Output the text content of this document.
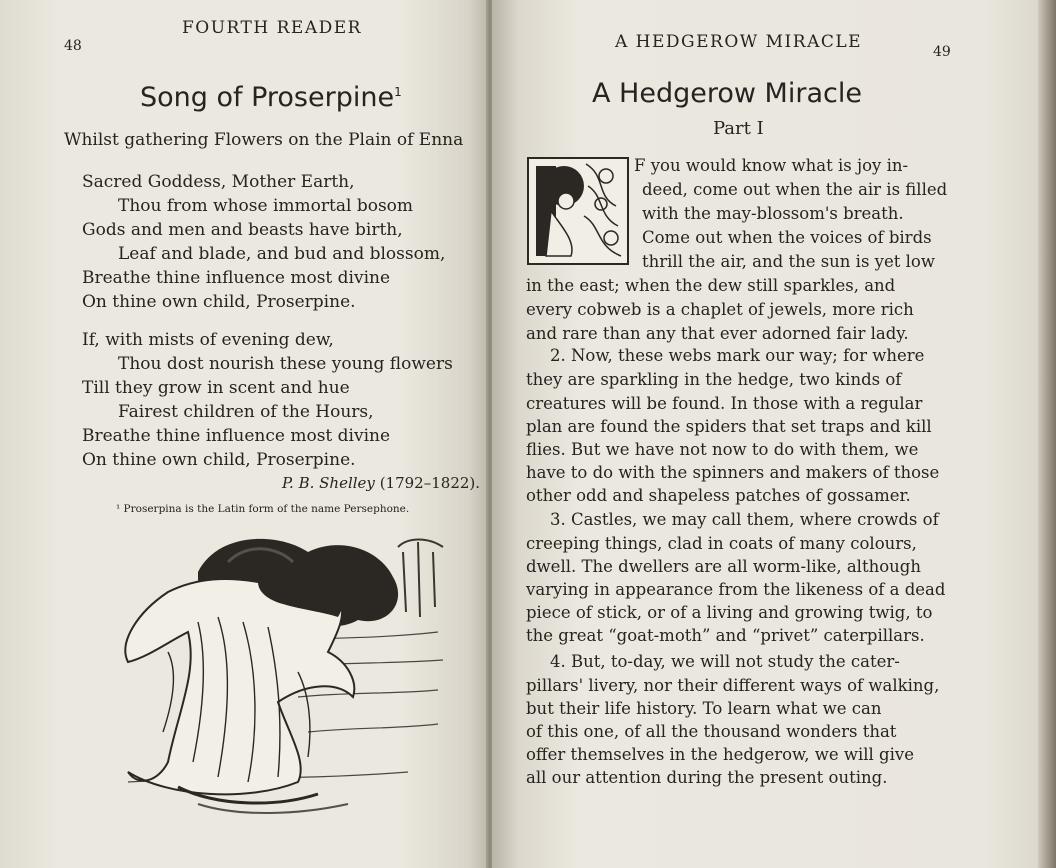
48
FOURTH READER
Song of Proserpine$^1$
Whilst gathering Flowers on the Plain of Enna
Sacred Goddess, Mother Earth,
Thou from whose immortal bosom
Gods and men and beasts have birth,
Leaf and blade, and bud and blossom,
Breathe thine influence most divine
On thine own child, Proserpine.
If, with mists of evening dew,
Thou dost nourish these young flowers
Till they grow in scent and hue
Fairest children of the Hours,
Breathe thine influence most divine
On thine own child, Proserpine.
P. B. Shelley (1792–1822).
¹ Proserpina is the Latin form of the name Persephone.
A HEDGEROW MIRACLE	49
A Hedgerow Miracle
Part I
F you would know what is joy in-
deed, come out when the air is filled
with the may-blossom's breath.
Come out when the voices of birds
thrill the air, and the sun is yet low
in the east; when the dew still sparkles, and
every cobweb is a chaplet of jewels, more rich
and rare than any that ever adorned fair lady.
2. Now, these webs mark our way; for where
they are sparkling in the hedge, two kinds of
creatures will be found. In those with a regular
plan are found the spiders that set traps and kill
flies. But we have not now to do with them, we
have to do with the spinners and makers of those
other odd and shapeless patches of gossamer.
3. Castles, we may call them, where crowds of
creeping things, clad in coats of many colours,
dwell. The dwellers are all worm-like, although
varying in appearance from the likeness of a dead
piece of stick, or of a living and growing twig, to
the great “goat-moth” and “privet” caterpillars.
4. But, to-day, we will not study the cater-
pillars' livery, nor their different ways of walking,
but their life history. To learn what we can
of this one, of all the thousand wonders that
offer themselves in the hedgerow, we will give
all our attention during the present outing.
